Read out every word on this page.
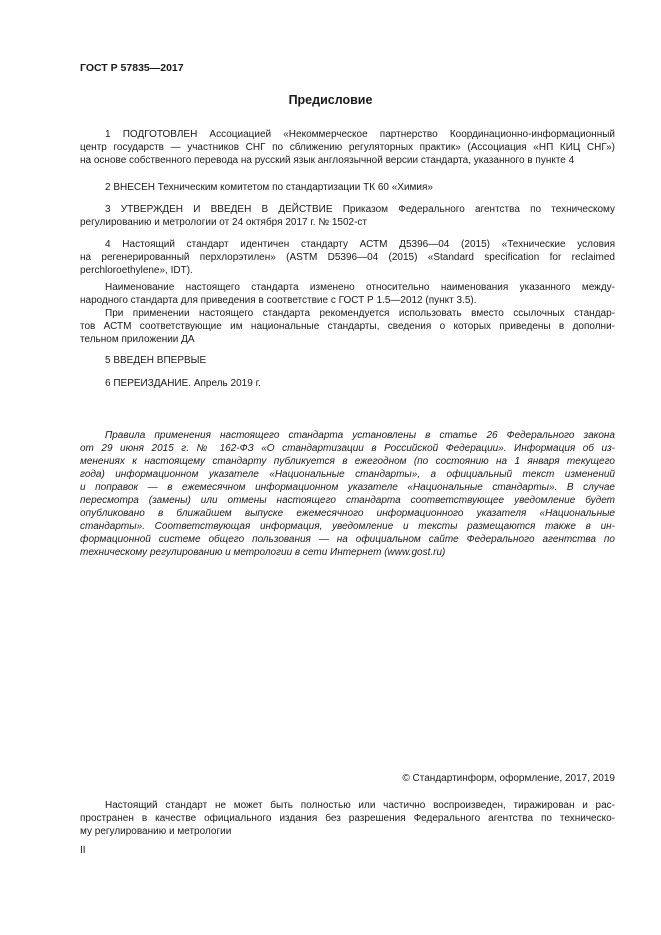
ГОСТ Р 57835—2017
Предисловие
1 ПОДГОТОВЛЕН Ассоциацией «Некоммерческое партнерство Координационно-информационный
центр государств — участников СНГ по сближению регуляторных практик» (Ассоциация «НП КИЦ СНГ»)
на основе собственного перевода на русский язык англоязычной версии стандарта, указанного в пункте 4
2 ВНЕСЕН Техническим комитетом по стандартизации ТК 60 «Химия»
3 УТВЕРЖДЕН И ВВЕДЕН В ДЕЙСТВИЕ Приказом Федерального агентства по техническому
регулированию и метрологии от 24 октября 2017 г. № 1502-ст
4 Настоящий стандарт идентичен стандарту АСТМ Д5396—04 (2015) «Технические условия
на регенерированный перхлорэтилен» (ASTM D5396—04 (2015) «Standard specification for reclaimed
perchloroethylene», IDT).
Наименование настоящего стандарта изменено относительно наименования указанного между-
народного стандарта для приведения в соответствие с ГОСТ Р 1.5—2012 (пункт 3.5).
При применении настоящего стандарта рекомендуется использовать вместо ссылочных стандар-
тов АСТМ соответствующие им национальные стандарты, сведения о которых приведены в дополни-
тельном приложении ДА
5 ВВЕДЕН ВПЕРВЫЕ
6 ПЕРЕИЗДАНИЕ. Апрель 2019 г.
Правила применения настоящего стандарта установлены в статье 26 Федерального закона
от 29 июня 2015 г. № 162-ФЗ «О стандартизации в Российской Федерации». Информация об из-
менениях к настоящему стандарту публикуется в ежегодном (по состоянию на 1 января текущего
года) информационном указателе «Национальные стандарты», а официальный текст изменений
и поправок — в ежемесячном информационном указателе «Национальные стандарты». В случае
пересмотра (замены) или отмены настоящего стандарта соответствующее уведомление будет
опубликовано в ближайшем выпуске ежемесячного информационного указателя «Национальные
стандарты». Соответствующая информация, уведомление и тексты размещаются также в ин-
формационной системе общего пользования — на официальном сайте Федерального агентства по
техническому регулированию и метрологии в сети Интернет (www.gost.ru)
© Стандартинформ, оформление, 2017, 2019
Настоящий стандарт не может быть полностью или частично воспроизведен, тиражирован и рас-
пространен в качестве официального издания без разрешения Федерального агентства по техническо-
му регулированию и метрологии
II
